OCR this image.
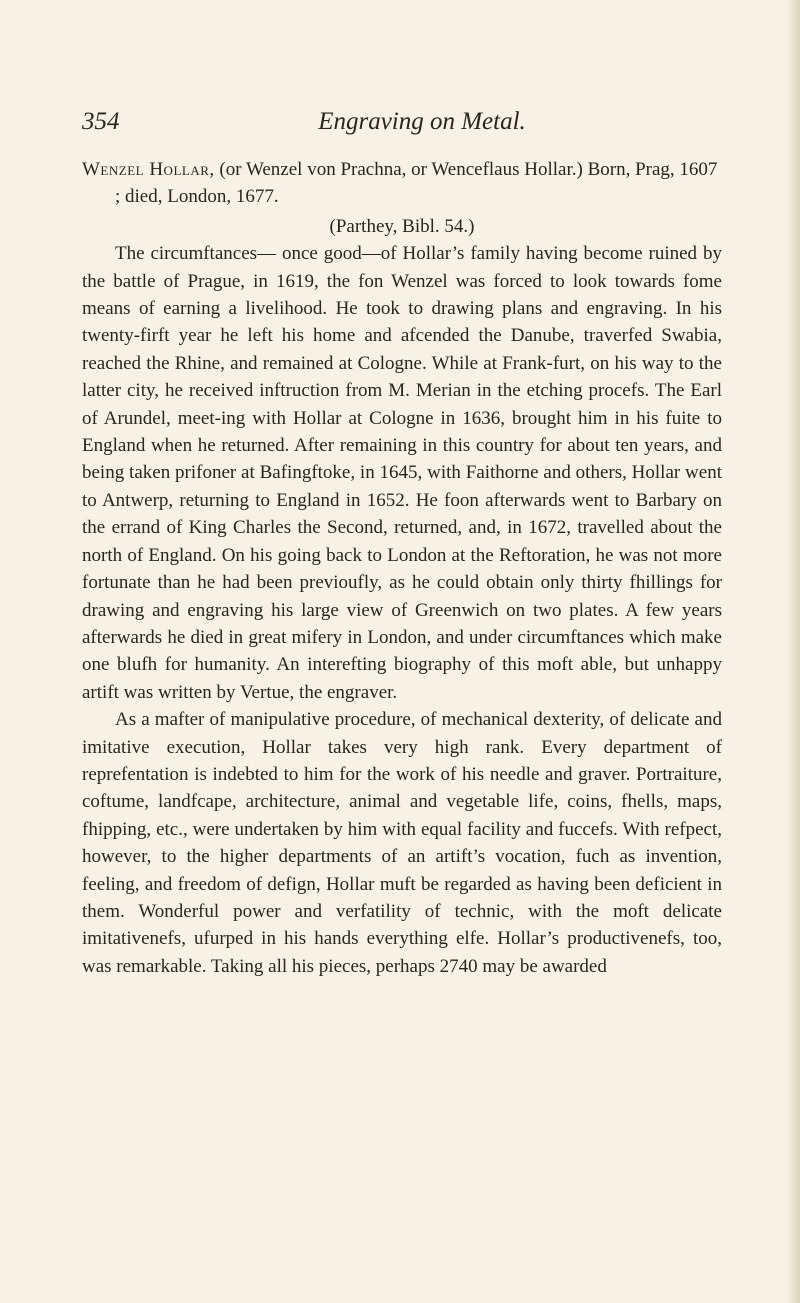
354	Engraving on Metal.

Wenzel Hollar, (or Wenzel von Prachna, or Wenceflaus Hollar.) Born, Prag, 1607 ; died, London, 1677.

(Parthey, Bibl. 54.)

The circumftances— once good—of Hollar’s family having become ruined by the battle of Prague, in 1619, the fon Wenzel was forced to look towards fome means of earning a livelihood. He took to drawing plans and engraving. In his twenty-firft year he left his home and afcended the Danube, traverfed Swabia, reached the Rhine, and remained at Cologne. While at Frank-furt, on his way to the latter city, he received inftruction from M. Merian in the etching procefs. The Earl of Arundel, meet-ing with Hollar at Cologne in 1636, brought him in his fuite to England when he returned. After remaining in this country for about ten years, and being taken prifoner at Bafingftoke, in 1645, with Faithorne and others, Hollar went to Antwerp, returning to England in 1652. He foon afterwards went to Barbary on the errand of King Charles the Second, returned, and, in 1672, travelled about the north of England. On his going back to London at the Reftoration, he was not more fortunate than he had been previoufly, as he could obtain only thirty fhillings for drawing and engraving his large view of Greenwich on two plates. A few years afterwards he died in great mifery in London, and under circumftances which make one blufh for humanity. An interefting biography of this moft able, but unhappy artift was written by Vertue, the engraver.

As a mafter of manipulative procedure, of mechanical dexterity, of delicate and imitative execution, Hollar takes very high rank. Every department of reprefentation is indebted to him for the work of his needle and graver. Portraiture, coftume, landfcape, architecture, animal and vegetable life, coins, fhells, maps, fhipping, etc., were undertaken by him with equal facility and fuccefs. With refpect, however, to the higher departments of an artift’s vocation, fuch as invention, feeling, and freedom of defign, Hollar muft be regarded as having been deficient in them. Wonderful power and verfatility of technic, with the moft delicate imitativenefs, ufurped in his hands everything elfe. Hollar’s productivenefs, too, was remarkable. Taking all his pieces, perhaps 2740 may be awarded
